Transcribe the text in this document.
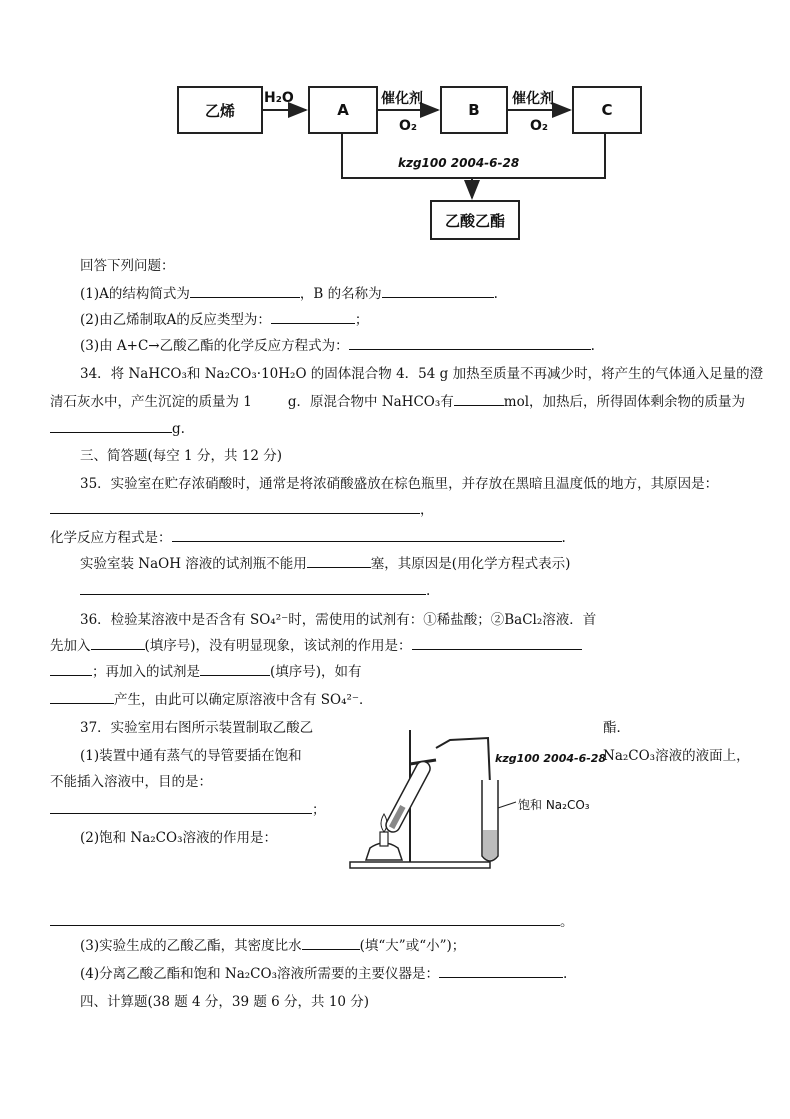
乙烯	A	B	C
乙酸乙酯
H₂O	催化剂
O₂
催化剂
O₂
kzg100 2004-6-28
回答下列问题：
(1)A的结构简式为	，B 的名称为	.
(2)由乙烯制取A的反应类型为：	；
(3)由 A+C→乙酸乙酯的化学反应方程式为：	.
34．将 NaHCO₃和 Na₂CO₃·10H₂O 的固体混合物 4．54 g 加热至质量不再减少时，将产生的气体通入足量的澄
清石灰水中，产生沉淀的质量为 1	g．原混合物中 NaHCO₃有	mol，加热后，所得固体剩余物的质量为
g.
三、简答题(每空 1 分，共 12 分)
35．实验室在贮存浓硝酸时，通常是将浓硝酸盛放在棕色瓶里，并存放在黑暗且温度低的地方，其原因是：
，
化学反应方程式是：	.
实验室装 NaOH 溶液的试剂瓶不能用	塞，其原因是(用化学方程式表示)
.
36．检验某溶液中是否含有 SO₄²⁻时，需使用的试剂有：①稀盐酸；②BaCl₂溶液．首
先加入	(填序号)，没有明显现象，该试剂的作用是：
；再加入的试剂是	(填序号)，如有
产生，由此可以确定原溶液中含有 SO₄²⁻．
37．实验室用右图所示装置制取乙酸乙	酯．
(1)装置中通有蒸气的导管要插在饱和	Na₂CO₃溶液的液面上，
不能插入溶液中，目的是：
；
(2)饱和 Na₂CO₃溶液的作用是：
kzg100 2004-6-28
饱和 Na₂CO₃
。
(3)实验生成的乙酸乙酯，其密度比水	(填“大”或“小”)；
(4)分离乙酸乙酯和饱和 Na₂CO₃溶液所需要的主要仪器是：	.
四、计算题(38 题 4 分，39 题 6 分，共 10 分)
